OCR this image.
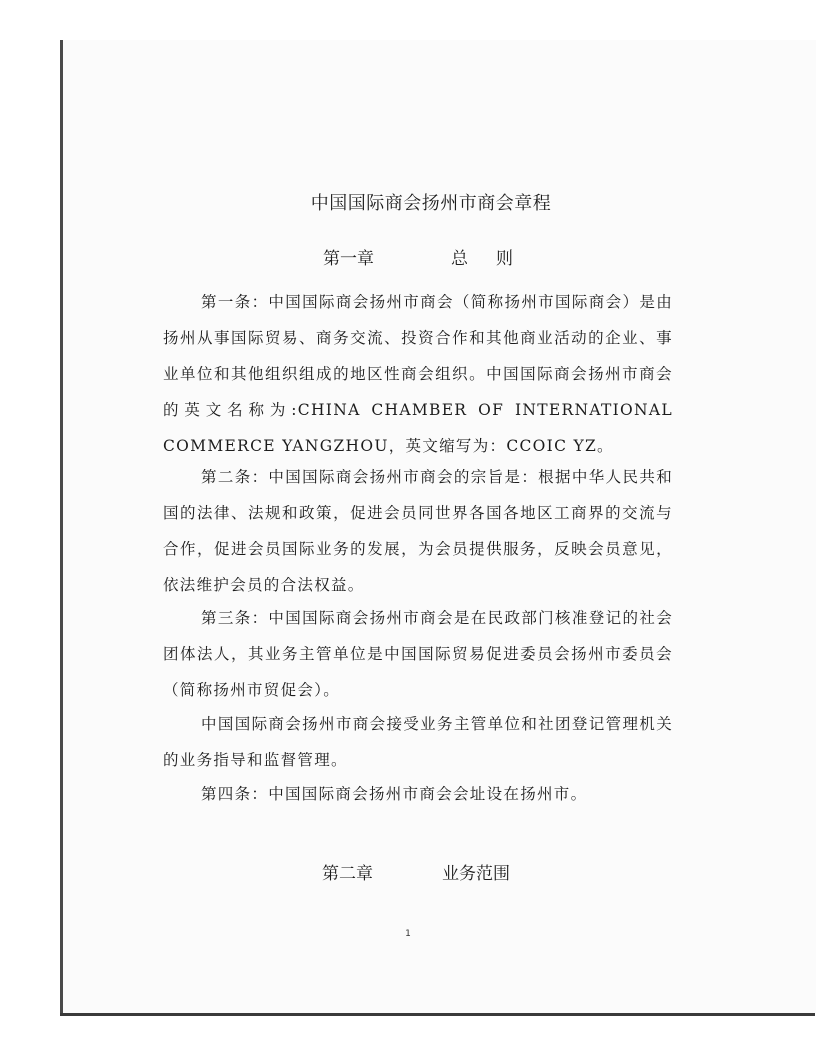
中国国际商会扬州市商会章程
第一章	总则

第一条：中国国际商会扬州市商会（简称扬州市国际商会）是由扬州从事国际贸易、商务交流、投资合作和其他商业活动的企业、事业单位和其他组织组成的地区性商会组织。中国国际商会扬州市商会的英文名称为:CHINA CHAMBER OF INTERNATIONAL COMMERCE YANGZHOU，英文缩写为：CCOIC YZ。

第二条：中国国际商会扬州市商会的宗旨是：根据中华人民共和国的法律、法规和政策，促进会员同世界各国各地区工商界的交流与合作，促进会员国际业务的发展，为会员提供服务，反映会员意见，依法维护会员的合法权益。

第三条：中国国际商会扬州市商会是在民政部门核准登记的社会团体法人，其业务主管单位是中国国际贸易促进委员会扬州市委员会（简称扬州市贸促会）。

中国国际商会扬州市商会接受业务主管单位和社团登记管理机关的业务指导和监督管理。

第四条：中国国际商会扬州市商会会址设在扬州市。

第二章	业务范围
1
